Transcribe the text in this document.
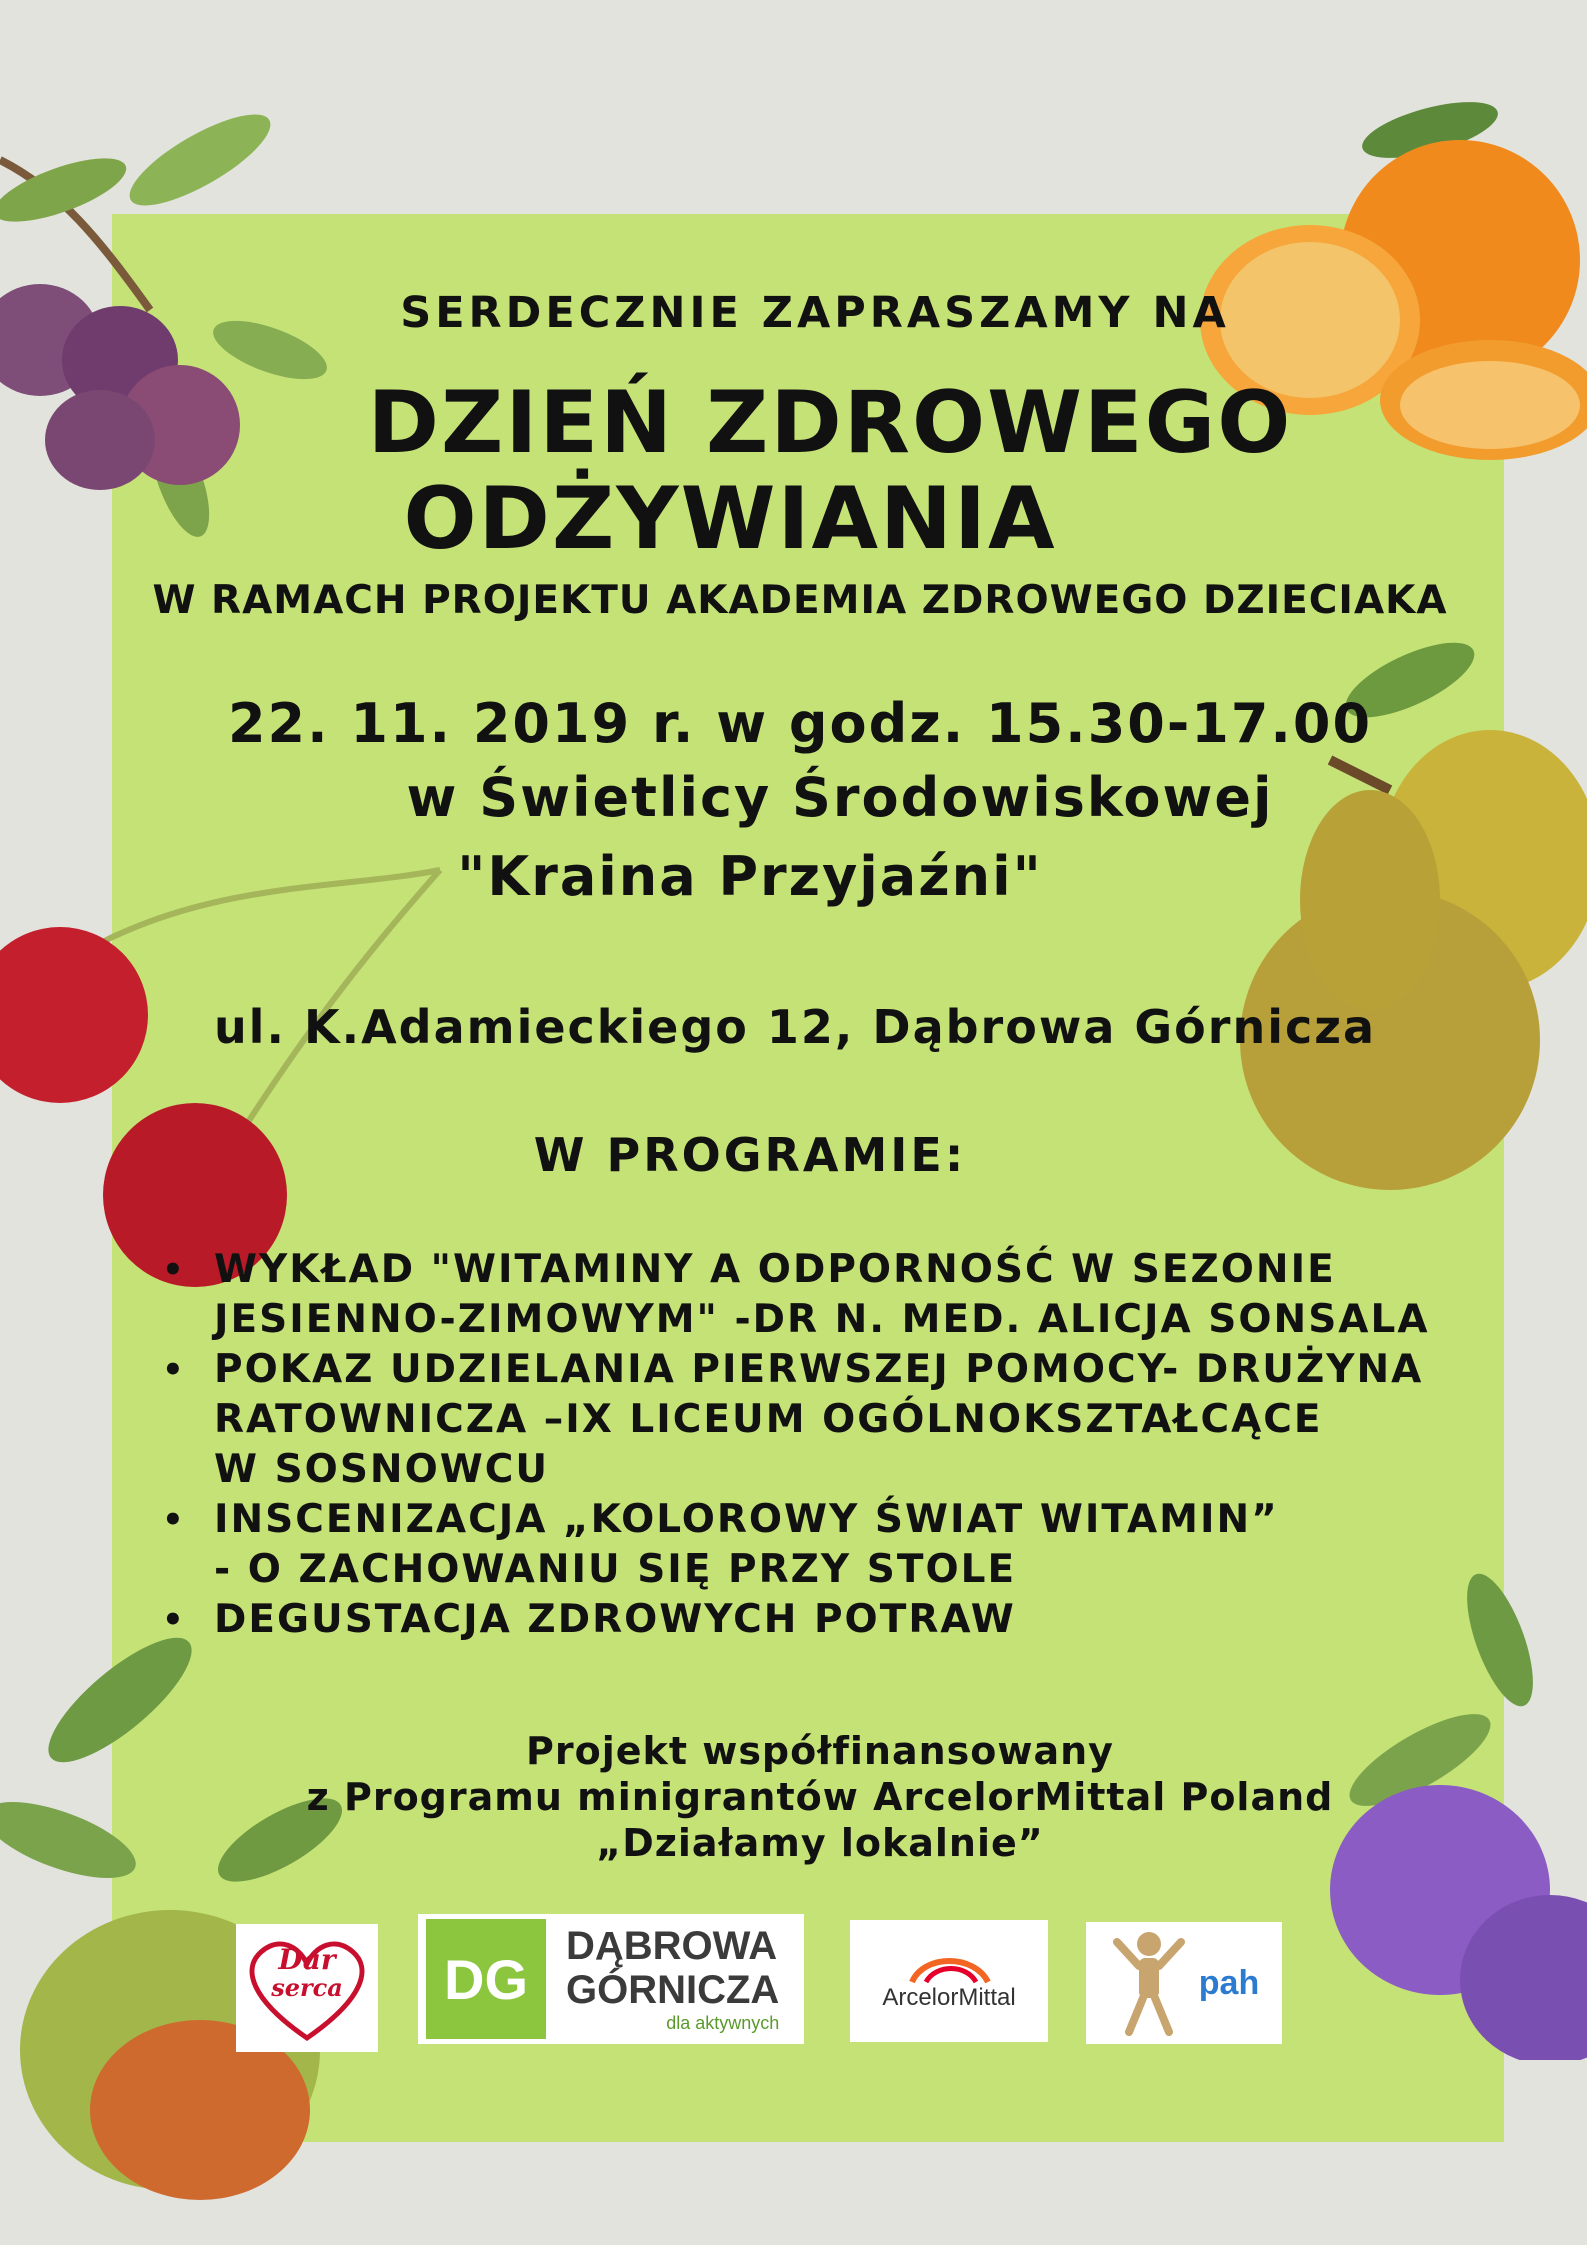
SERDECZNIE ZAPRASZAMY NA

DZIEŃ ZDROWEGO

ODŻYWIANIA

W RAMACH PROJEKTU AKADEMIA ZDROWEGO DZIECIAKA

22. 11. 2019 r. w godz. 15.30-17.00

w Świetlicy Środowiskowej

"Kraina Przyjaźni"

ul. K.Adamieckiego 12, Dąbrowa Górnicza

W PROGRAMIE:

• WYKŁAD "WITAMINY A ODPORNOŚĆ W SEZONIE
JESIENNO-ZIMOWYM" -DR N. MED. ALICJA SONSALA
• POKAZ UDZIELANIA PIERWSZEJ POMOCY- DRUŻYNA
RATOWNICZA –IX LICEUM OGÓLNOKSZTAŁCĄCE
W SOSNOWCU
• INSCENIZACJA „KOLOROWY ŚWIAT WITAMIN”
- O ZACHOWANIU SIĘ PRZY STOLE
• DEGUSTACJA ZDROWYCH POTRAW
Projekt współfinansowany
z Programu minigrantów ArcelorMittal Poland
„Działamy lokalnie”
Dar
serca	DG
DĄBROWA
GÓRNICZA
dla aktywnych
ArcelorMittal	pah
